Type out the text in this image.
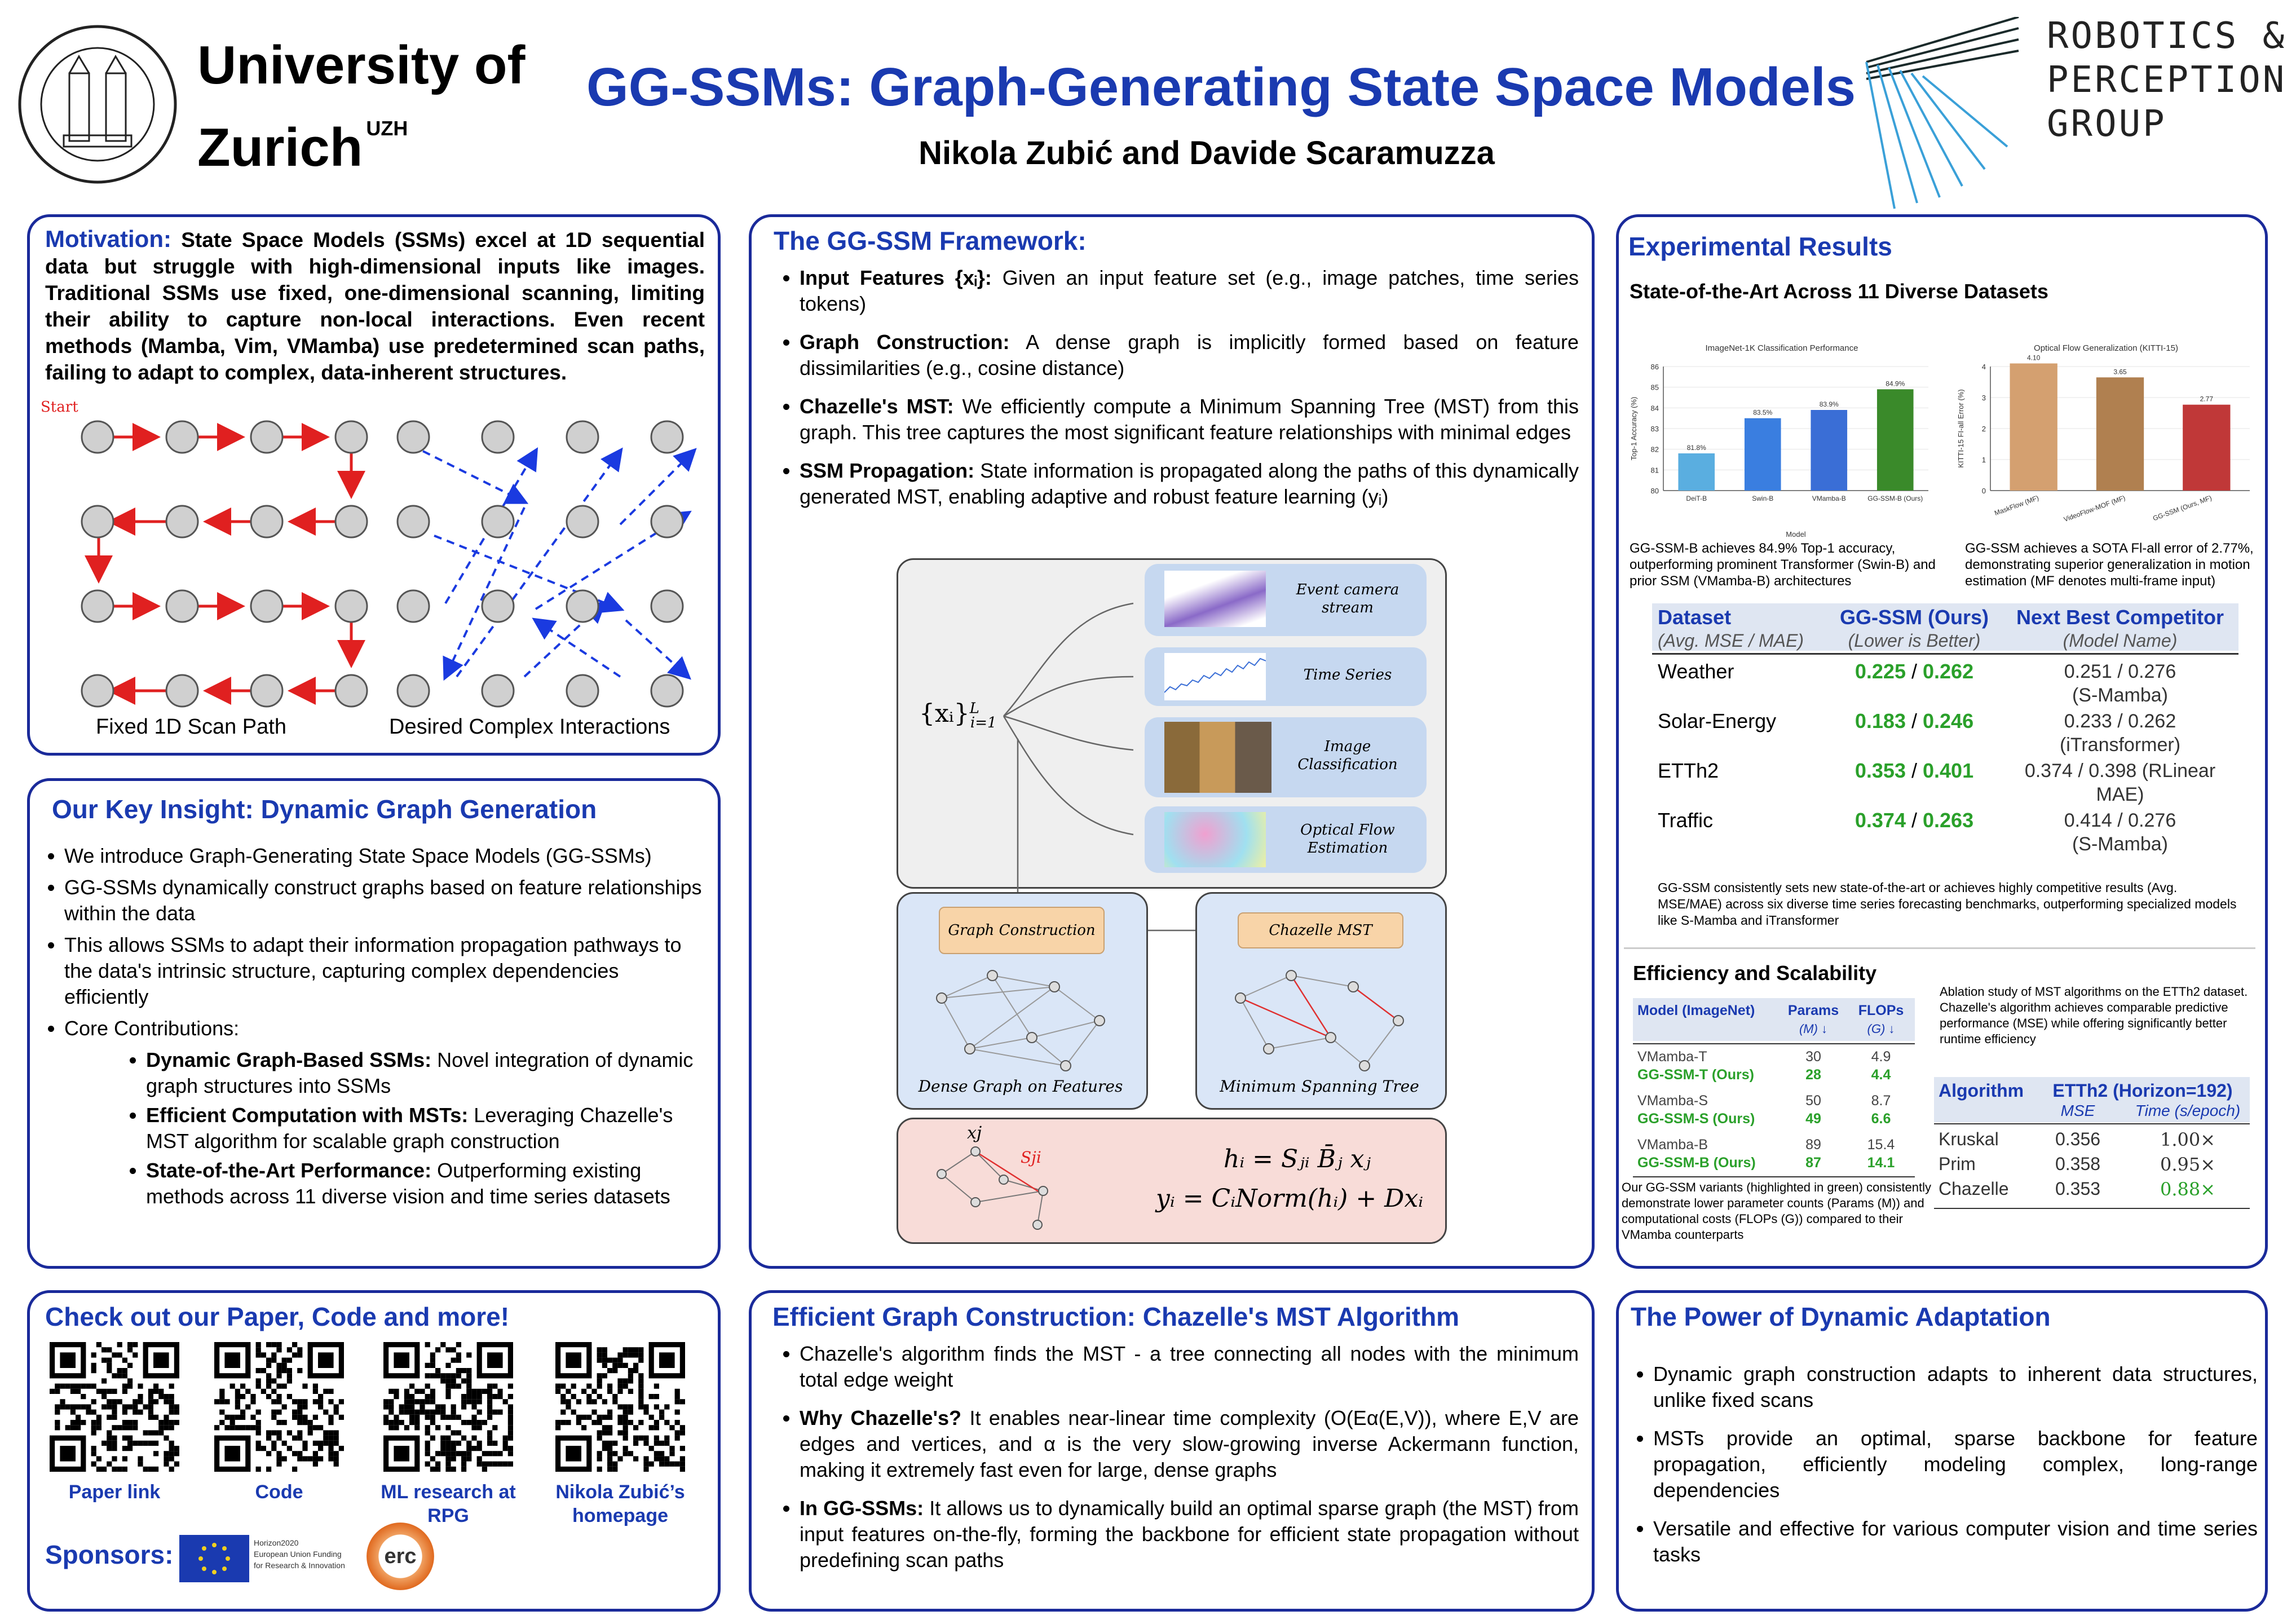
University of
Zurich $^{UZH}$
GG-SSMs: Graph-Generating State Space Models
Nikola Zubić and Davide Scaramuzza
ROBOTICS &
PERCEPTION
GROUP
Motivation: State Space Models (SSMs) excel at 1D sequential data but struggle with high-dimensional inputs like images. Traditional SSMs use fixed, one-dimensional scanning, limiting their ability to capture non-local interactions. Even recent methods (Mamba, Vim, VMamba) use predetermined scan paths, failing to adapt to complex, data-inherent structures.
Start
Fixed 1D Scan Path	Desired Complex Interactions
Our Key Insight: Dynamic Graph Generation
• We introduce Graph-Generating State Space Models (GG-SSMs)
• GG-SSMs dynamically construct graphs based on feature relationships within the data
• This allows SSMs to adapt their information propagation pathways to the data's intrinsic structure, capturing complex dependencies efficiently
• Core Contributions:
• Dynamic Graph-Based SSMs: Novel integration of dynamic graph structures into SSMs
• Efficient Computation with MSTs: Leveraging Chazelle's MST algorithm for scalable graph construction
• State-of-the-Art Performance: Outperforming existing methods across 11 diverse vision and time series datasets
The GG-SSM Framework:
• Input Features {xᵢ}: Given an input feature set (e.g., image patches, time series tokens)
• Graph Construction: A dense graph is implicitly formed based on feature dissimilarities (e.g., cosine distance)
• Chazelle's MST: We efficiently compute a Minimum Spanning Tree (MST) from this graph. This tree captures the most significant feature relationships with minimal edges
• SSM Propagation: State information is propagated along the paths of this dynamically generated MST, enabling adaptive and robust feature learning (yᵢ)
{xᵢ}$^L_{i=1}$
Event camera stream
Time Series
Image Classification
Optical Flow Estimation
Graph Construction	Chazelle MST
Dense Graph on Features	Minimum Spanning Tree
xj
Sji	hᵢ = Sⱼᵢ B̄ⱼ xⱼ
yᵢ = CᵢNorm(hᵢ) + Dxᵢ
Experimental Results
State-of-the-Art Across 11 Diverse Datasets
ImageNet-1K Classification Performance
80
81
82
83
84
85
86
Top-1 Accuracy (%)
Model
81.8%
DeiT-B
83.5%
Swin-B
83.9%
VMamba-B
84.9%
GG-SSM-B (Ours)
Optical Flow Generalization (KITTI-15)
0
1
2
3
4
KITTI-15 FI-all Error (%)
4.10
MaskFlow (MF)
3.65
VideoFlow-MOF (MF)
2.77
GG-SSM (Ours, MF)
GG-SSM-B achieves 84.9% Top-1 accuracy, outperforming prominent Transformer (Swin-B) and prior SSM (VMamba-B) architectures
GG-SSM achieves a SOTA Fl-all error of 2.77%, demonstrating superior generalization in motion estimation (MF denotes multi-frame input)
Dataset	GG-SSM (Ours)	Next Best Competitor
(Avg. MSE / MAE)	(Lower is Better)	(Model Name)
Weather	0.225 / 0.262	0.251 / 0.276
(S-Mamba)
Solar-Energy	0.183 / 0.246	0.233 / 0.262
(iTransformer)
ETTh2	0.353 / 0.401	0.374 / 0.398 (RLinear
MAE)
Traffic	0.374 / 0.263	0.414 / 0.276
(S-Mamba)
GG-SSM consistently sets new state-of-the-art or achieves highly competitive results (Avg. MSE/MAE) across six diverse time series forecasting benchmarks, outperforming specialized models like S-Mamba and iTransformer
Efficiency and Scalability
Model (ImageNet)	Params	FLOPs
(M) ↓	(G) ↓
VMamba-T	30	4.9
GG-SSM-T (Ours)	28	4.4
VMamba-S	50	8.7
GG-SSM-S (Ours)	49	6.6
VMamba-B	89	15.4
GG-SSM-B (Ours)	87	14.1
Our GG-SSM variants (highlighted in green) consistently demonstrate lower parameter counts (Params (M)) and computational costs (FLOPs (G)) compared to their VMamba counterparts
Ablation study of MST algorithms on the ETTh2 dataset. Chazelle's algorithm achieves comparable predictive performance (MSE) while offering significantly better runtime efficiency
Algorithm	ETTh2 (Horizon=192)
MSE	Time (s/epoch)
Kruskal	0.356	1.00×
Prim	0.358	0.95×
Chazelle	0.353	0.88×
Check out our Paper, Code and more!
Paper link	Code	ML research at RPG
Nikola Zubić’s homepage
Sponsors:	Horizon2020
European Union Funding
for Research & Innovation erc
Efficient Graph Construction: Chazelle's MST Algorithm
• Chazelle's algorithm finds the MST - a tree connecting all nodes with the minimum total edge weight
• Why Chazelle's? It enables near-linear time complexity (O(Eα(E,V)), where E,V are edges and vertices, and α is the very slow-growing inverse Ackermann function, making it extremely fast even for large, dense graphs
• In GG-SSMs: It allows us to dynamically build an optimal sparse graph (the MST) from input features on-the-fly, forming the backbone for efficient state propagation without predefining scan paths
The Power of Dynamic Adaptation
• Dynamic graph construction adapts to inherent data structures, unlike fixed scans
• MSTs provide an optimal, sparse backbone for feature propagation, efficiently modeling complex, long-range dependencies
• Versatile and effective for various computer vision and time series tasks
